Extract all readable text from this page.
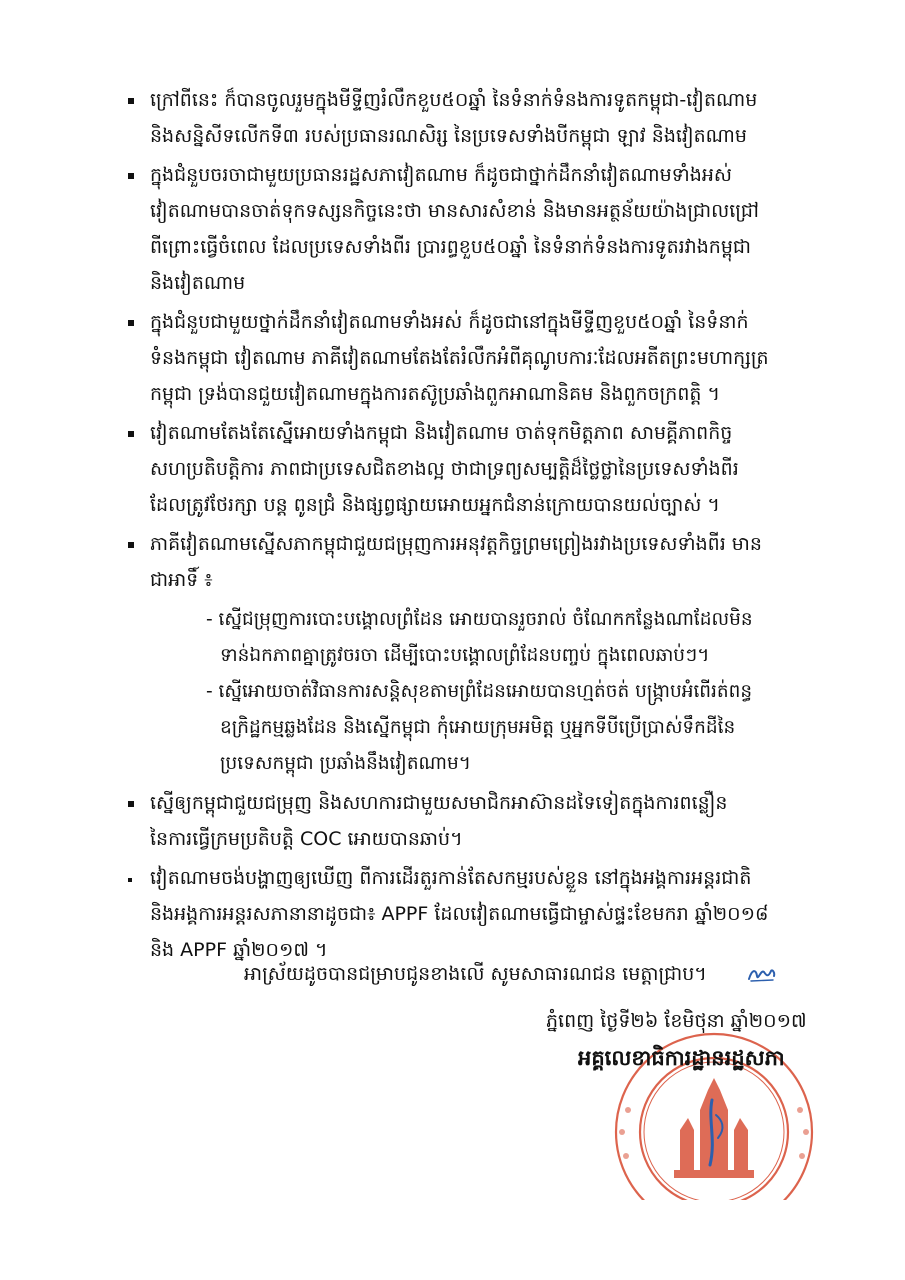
ក្រៅពីនេះ ក៏បានចូលរួមក្នុងមីទ្ទីញរំលឹកខួប៥០ឆ្នាំ នៃទំនាក់ទំនងការទូតកម្ពុជា-វៀតណាម
និងសន្និសីទលើកទី៣ របស់ប្រធានរណសិរ្ស នៃប្រទេសទាំងបីកម្ពុជា ឡាវ និងវៀតណាម
ក្នុងជំនួបចរចាជាមួយប្រធានរដ្ឋសភាវៀតណាម ក៏ដូចជាថ្នាក់ដឹកនាំវៀតណាមទាំងអស់
វៀតណាមបានចាត់ទុកទស្សនកិច្ចនេះថា មានសារសំខាន់ និងមានអត្ថន័យយ៉ាងជ្រាលជ្រៅ
ពីព្រោះធ្វើចំពេល ដែលប្រទេសទាំងពីរ ប្រារព្ធខួប៥០ឆ្នាំ នៃទំនាក់ទំនងការទូតរវាងកម្ពុជា
និងវៀតណាម
ក្នុងជំនួបជាមួយថ្នាក់ដឹកនាំវៀតណាមទាំងអស់ ក៏ដូចជានៅក្នុងមីទ្ទីញខួប៥០ឆ្នាំ នៃទំនាក់
ទំនងកម្ពុជា វៀតណាម ភាគីវៀតណាមតែងតែរំលឹកអំពីគុណូបការៈដែលអតីតព្រះមហាក្សត្រ
កម្ពុជា ទ្រង់បានជួយវៀតណាមក្នុងការតស៊ូប្រឆាំងពួកអាណានិគម និងពួកចក្រពត្តិ ។
វៀតណាមតែងតែស្នើអោយទាំងកម្ពុជា និងវៀតណាម ចាត់ទុកមិត្តភាព សាមគ្គីភាពកិច្ច
សហប្រតិបត្តិការ ភាពជាប្រទេសជិតខាងល្អ ថាជាទ្រព្យសម្បត្តិដ៏ថ្លៃថ្លានៃប្រទេសទាំងពីរ
ដែលត្រូវថែរក្សា បន្ត ពូនជ្រំ និងផ្សព្វផ្សាយអោយអ្នកជំនាន់ក្រោយបានយល់ច្បាស់ ។
ភាគីវៀតណាមស្នើសភាកម្ពុជាជួយជម្រុញការអនុវត្តកិច្ចព្រមព្រៀងរវាងប្រទេសទាំងពីរ មាន
ជាអាទិ៍ ៖
- ស្នើជម្រុញការបោះបង្គោលព្រំដែន អោយបានរួចរាល់ ចំណែកកន្លែងណាដែលមិន
ទាន់ឯកភាពគ្នាត្រូវចរចា ដើម្បីបោះបង្គោលព្រំដែនបញ្ចប់ ក្នុងពេលឆាប់ៗ។
- ស្នើអោយចាត់វិធានការសន្តិសុខតាមព្រំដែនអោយបានហ្មត់ចត់ បង្ក្រាបអំពើរត់ពន្ធ
ឧក្រិដ្ឋកម្មឆ្លងដែន និងស្នើកម្ពុជា កុំអោយក្រុមអមិត្ត ឬអ្នកទីបីប្រើប្រាស់ទឹកដីនៃ
ប្រទេសកម្ពុជា ប្រឆាំងនឹងវៀតណាម។
ស្នើឲ្យកម្ពុជាជួយជម្រុញ និងសហការជាមួយសមាជិកអាស៊ានដទៃទៀតក្នុងការពន្លឿន
នៃការធ្វើក្រមប្រតិបត្តិ COC អោយបានឆាប់។
វៀតណាមចង់បង្ហាញឲ្យឃើញ ពីការដើរតួរកាន់តែសកម្មរបស់ខ្លួន នៅក្នុងអង្គការអន្តរជាតិ
និងអង្គការអន្តរសភានានាដូចជា៖ APPF ដែលវៀតណាមធ្វើជាម្ចាស់ផ្ទះខែមករា ឆ្នាំ២០១៨
និង APPF ឆ្នាំ២០១៧ ។
អាស្រ័យដូចបានជម្រាបជូនខាងលើ សូមសាធារណជន មេត្តាជ្រាប។
ភ្នំពេញ ថ្ងៃទី២៦ ខែមិថុនា ឆ្នាំ២០១៧
អគ្គលេខាធិការដ្ឋានរដ្ឋសភា
